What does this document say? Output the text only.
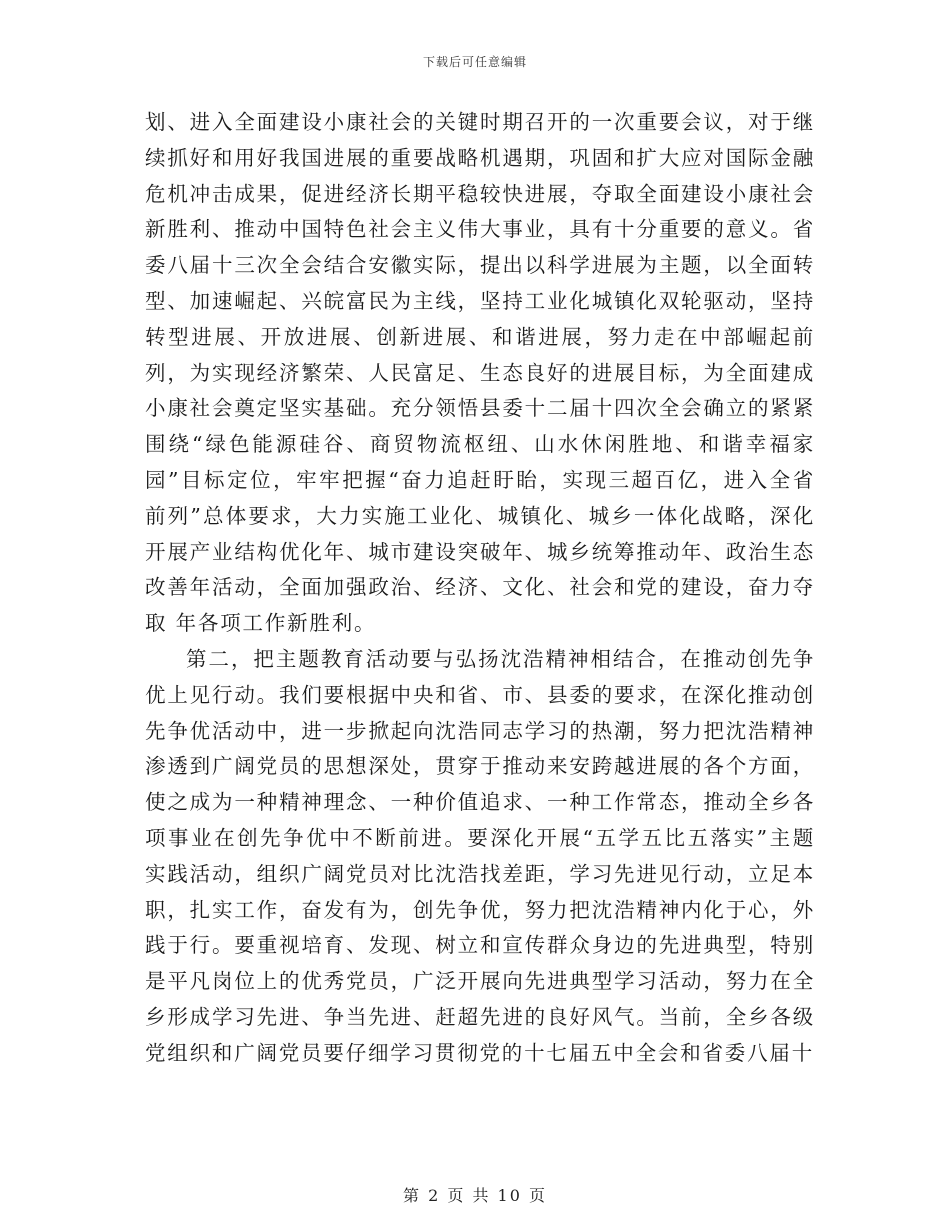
下载后可任意编辑

划、进入全面建设小康社会的关键时期召开的一次重要会议，对于继续抓好和用好我国进展的重要战略机遇期，巩固和扩大应对国际金融危机冲击成果，促进经济长期平稳较快进展，夺取全面建设小康社会新胜利、推动中国特色社会主义伟大事业，具有十分重要的意义。省委八届十三次全会结合安徽实际，提出以科学进展为主题，以全面转型、加速崛起、兴皖富民为主线，坚持工业化城镇化双轮驱动，坚持转型进展、开放进展、创新进展、和谐进展，努力走在中部崛起前列，为实现经济繁荣、人民富足、生态良好的进展目标，为全面建成小康社会奠定坚实基础。充分领悟县委十二届十四次全会确立的紧紧围绕“绿色能源硅谷、商贸物流枢纽、山水休闲胜地、和谐幸福家园”目标定位，牢牢把握“奋力追赶盱眙，实现三超百亿，进入全省前列”总体要求，大力实施工业化、城镇化、城乡一体化战略，深化开展产业结构优化年、城市建设突破年、城乡统筹推动年、政治生态改善年活动，全面加强政治、经济、文化、社会和党的建设，奋力夺取 年各项工作新胜利。

第二，把主题教育活动要与弘扬沈浩精神相结合，在推动创先争优上见行动。我们要根据中央和省、市、县委的要求，在深化推动创先争优活动中，进一步掀起向沈浩同志学习的热潮，努力把沈浩精神渗透到广阔党员的思想深处，贯穿于推动来安跨越进展的各个方面，使之成为一种精神理念、一种价值追求、一种工作常态，推动全乡各项事业在创先争优中不断前进。要深化开展“五学五比五落实”主题实践活动，组织广阔党员对比沈浩找差距，学习先进见行动，立足本职，扎实工作，奋发有为，创先争优，努力把沈浩精神内化于心，外践于行。要重视培育、发现、树立和宣传群众身边的先进典型，特别是平凡岗位上的优秀党员，广泛开展向先进典型学习活动，努力在全乡形成学习先进、争当先进、赶超先进的良好风气。当前，全乡各级党组织和广阔党员要仔细学习贯彻党的十七届五中全会和省委八届十

第 2 页 共 10 页
